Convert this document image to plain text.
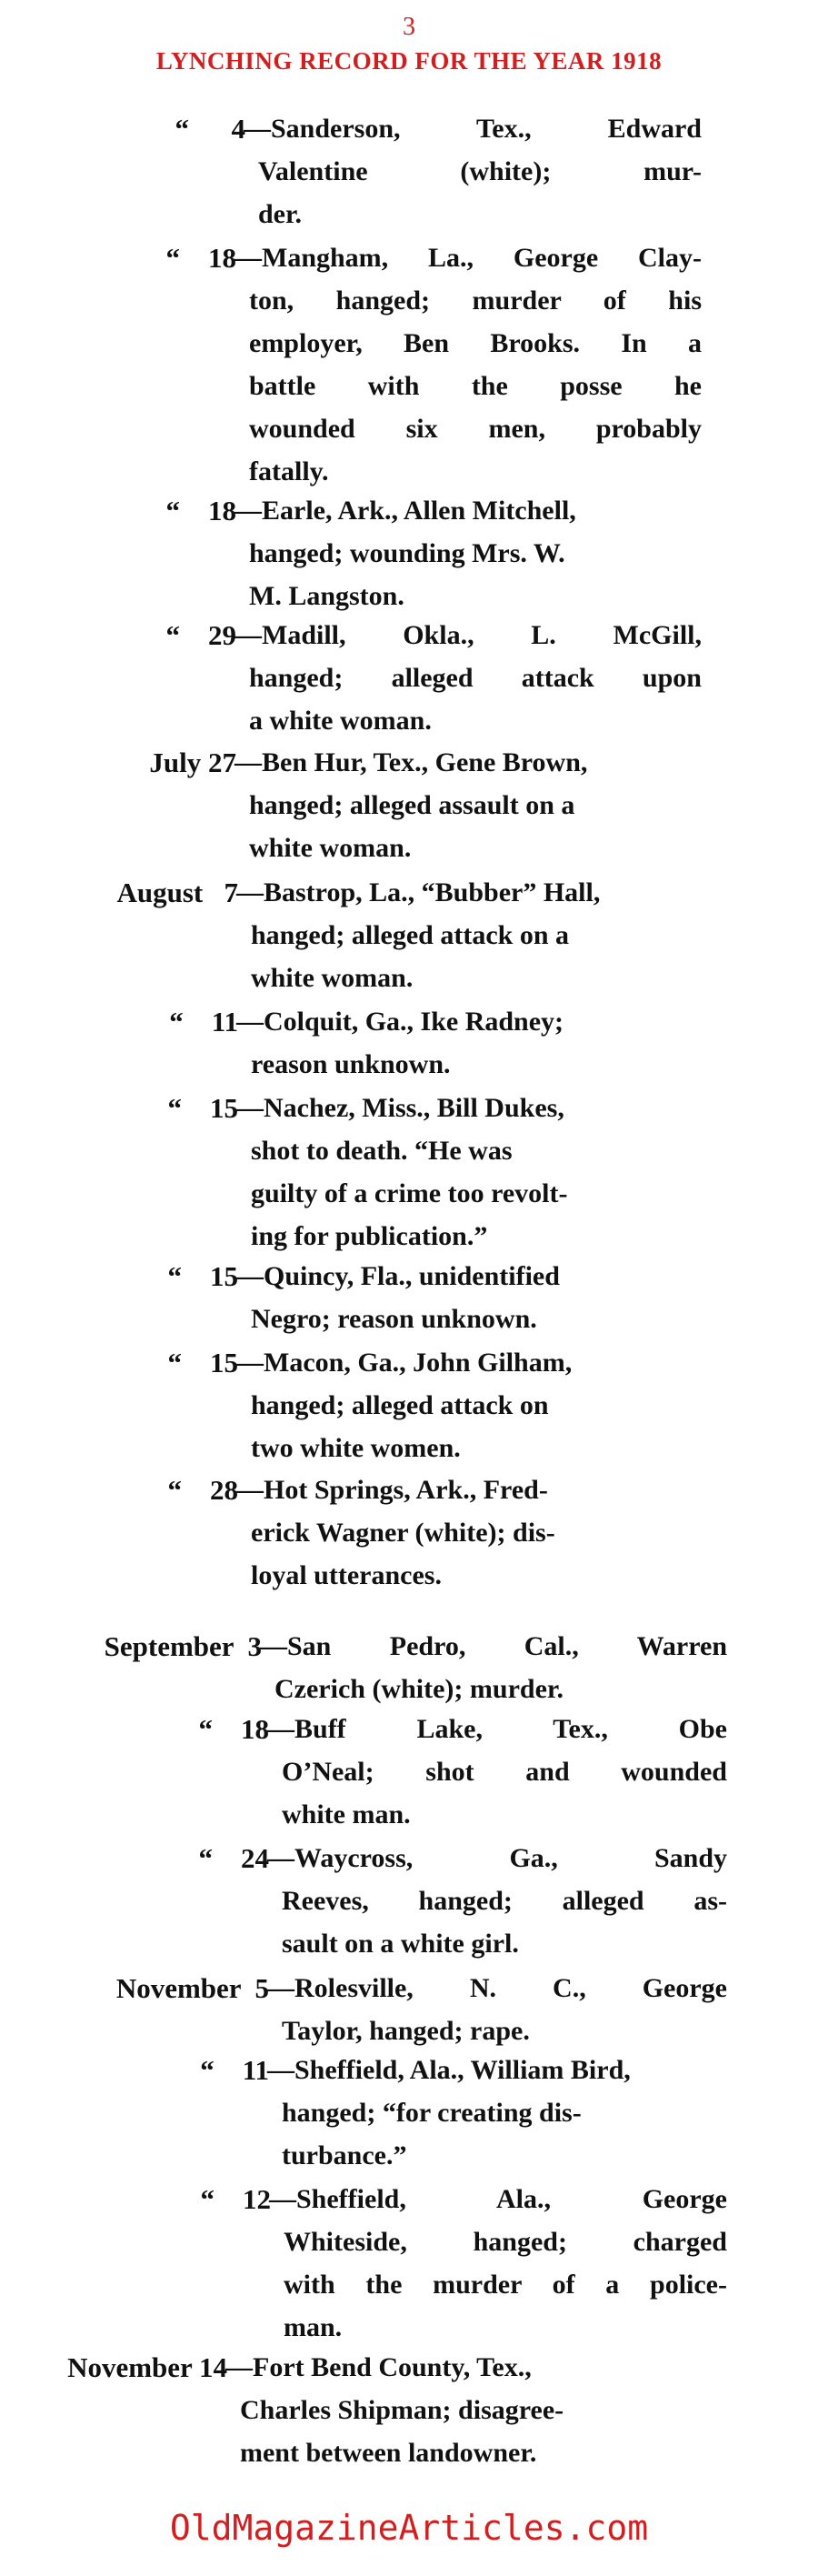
3
LYNCHING RECORD FOR THE YEAR 1918
“      4
—Sanderson, Tex., Edward
Valentine (white); mur-
der.
“    18
—Mangham, La., George Clay-
ton, hanged; murder of his
employer, Ben Brooks. In a
battle with the posse he
wounded six men, probably
fatally.
“    18
—Earle, Ark., Allen Mitchell,
hanged; wounding Mrs. W.
M. Langston.
“    29
—Madill, Okla., L. McGill,
hanged; alleged attack upon
a white woman.
July 27
—Ben Hur, Tex., Gene Brown,
hanged; alleged assault on a
white woman.
August   7
—Bastrop, La., “Bubber” Hall,
hanged; alleged attack on a
white woman.
“    11
—Colquit, Ga., Ike Radney;
reason unknown.
“    15
—Nachez, Miss., Bill Dukes,
shot to death. “He was
guilty of a crime too revolt-
ing for publication.”
“    15
—Quincy, Fla., unidentified
Negro; reason unknown.
“    15
—Macon, Ga., John Gilham,
hanged; alleged attack on
two white women.
“    28
—Hot Springs, Ark., Fred-
erick Wagner (white); dis-
loyal utterances.
September  3
—San Pedro, Cal., Warren
Czerich (white); murder.
“    18
—Buff Lake, Tex., Obe
O’Neal; shot and wounded
white man.
“    24
—Waycross, Ga., Sandy
Reeves, hanged; alleged as-
sault on a white girl.
November  5
—Rolesville, N. C., George
Taylor, hanged; rape.
“    11
—Sheffield, Ala., William Bird,
hanged; “for creating dis-
turbance.”
“    12
—Sheffield, Ala., George
Whiteside, hanged; charged
with the murder of a police-
man.
November 14
—Fort Bend County, Tex.,
Charles Shipman; disagree-
ment between landowner.
OldMagazineArticles.com
